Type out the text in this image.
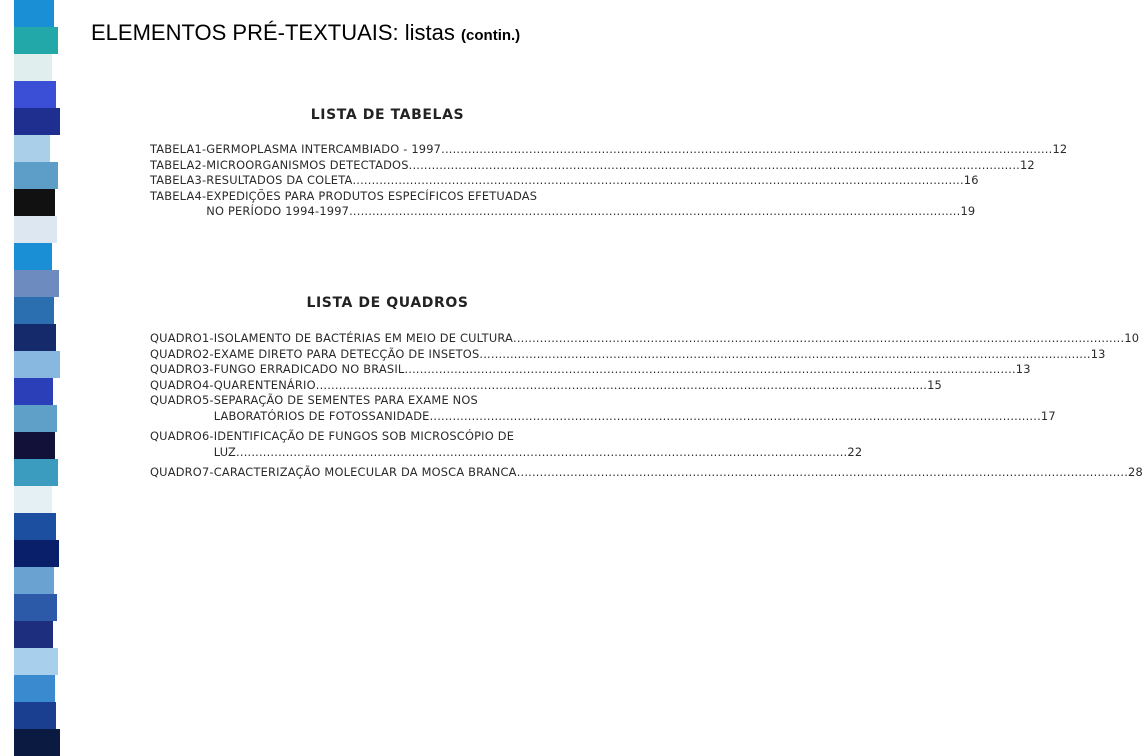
ELEMENTOS PRÉ-TEXTUAIS: listas (contin.)
LISTA DE TABELAS
TABELA 1 - GERMOPLASMA INTERCAMBIADO - 1997 .....	12
TABELA 2 - MICROORGANISMOS DETECTADOS .....	12
TABELA 3 - RESULTADOS DA COLETA .....	16
TABELA 4 - EXPEDIÇÕES PARA PRODUTOS ESPECÍFICOS EFETUADAS
NO PERÍODO 1994-1997 .....	19
LISTA DE QUADROS
QUADRO 1 - ISOLAMENTO DE BACTÉRIAS EM MEIO DE CULTURA .....	10
QUADRO 2 - EXAME DIRETO PARA DETECÇÃO DE INSETOS .....	13
QUADRO 3 - FUNGO ERRADICADO NO BRASIL .....	13
QUADRO 4 - QUARENTENÁRIO .....	15
QUADRO 5 - SEPARAÇÃO DE SEMENTES PARA EXAME NOS
LABORATÓRIOS DE FOTOSSANIDADE .....	17
QUADRO 6 - IDENTIFICAÇÃO DE FUNGOS SOB MICROSCÓPIO DE
LUZ .....	22
QUADRO 7 - CARACTERIZAÇÃO MOLECULAR DA MOSCA BRANCA .....	28
